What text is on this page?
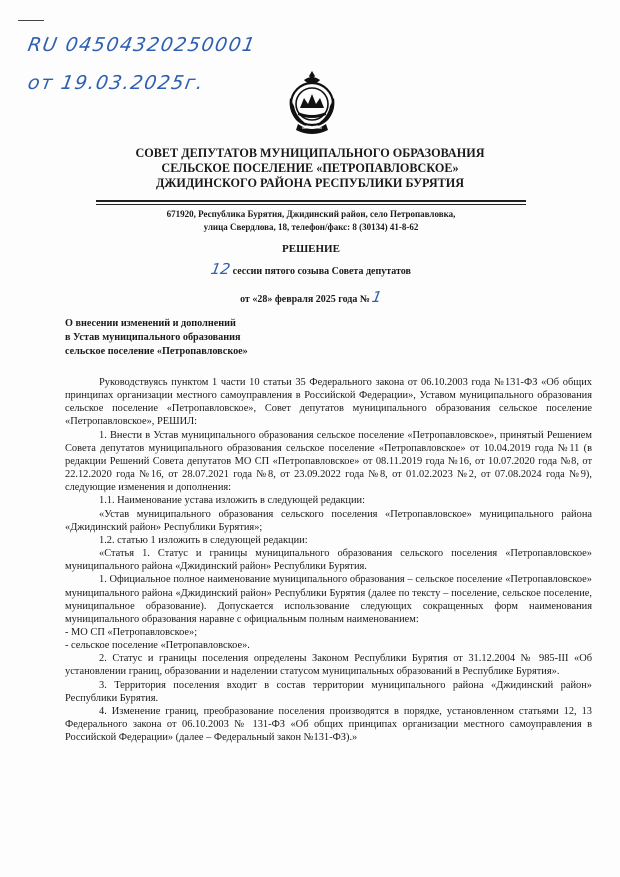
RU 04504320250001
от 19.03.2025г.
СОВЕТ ДЕПУТАТОВ МУНИЦИПАЛЬНОГО ОБРАЗОВАНИЯ
СЕЛЬСКОЕ ПОСЕЛЕНИЕ «ПЕТРОПАВЛОВСКОЕ»
ДЖИДИНСКОГО РАЙОНА РЕСПУБЛИКИ БУРЯТИЯ
671920, Республика Бурятия, Джидинский район, село Петропавловка,
улица Свердлова, 18, телефон/факс: 8 (30134) 41-8-62
РЕШЕНИЕ
12 сессии пятого созыва Совета депутатов
от «28» февраля 2025 года № 1
О внесении изменений и дополнений
в Устав муниципального образования
сельское поселение «Петропавловское»

Руководствуясь пунктом 1 части 10 статьи 35 Федерального закона от 06.10.2003 года №131-ФЗ «Об общих принципах организации местного самоуправления в Российской Федерации», Уставом муниципального образования сельское поселение «Петропавловское», Совет депутатов муниципального образования сельское поселение «Петропавловское», РЕШИЛ:

1. Внести в Устав муниципального образования сельское поселение «Петропавловское», принятый Решением Совета депутатов муниципального образования сельское поселение «Петропавловское» от 10.04.2019 года №11 (в редакции Решений Совета депутатов МО СП «Петропавловское» от 08.11.2019 года №16, от 10.07.2020 года №8, от 22.12.2020 года №16, от 28.07.2021 года №8, от 23.09.2022 года №8, от 01.02.2023 №2, от 07.08.2024 года №9), следующие изменения и дополнения:

1.1. Наименование устава изложить в следующей редакции:

«Устав муниципального образования сельского поселения «Петропавловское» муниципального района «Джидинский район» Республики Бурятия»;

1.2. статью 1 изложить в следующей редакции:

«Статья 1. Статус и границы муниципального образования сельского поселения «Петропавловское» муниципального района «Джидинский район» Республики Бурятия.

1. Официальное полное наименование муниципального образования – сельское поселение «Петропавловское» муниципального района «Джидинский район» Республики Бурятия (далее по тексту – поселение, сельское поселение, муниципальное образование). Допускается использование следующих сокращенных форм наименования муниципального образования наравне с официальным полным наименованием:

- МО СП «Петропавловское»;

- сельское поселение «Петропавловское».

2. Статус и границы поселения определены Законом Республики Бурятия от 31.12.2004 № 985-III «Об установлении границ, образовании и наделении статусом муниципальных образований в Республике Бурятия».

3. Территория поселения входит в состав территории муниципального района «Джидинский район» Республики Бурятия.

4. Изменение границ, преобразование поселения производятся в порядке, установленном статьями 12, 13 Федерального закона от 06.10.2003 № 131-ФЗ «Об общих принципах организации местного самоуправления в Российской Федерации» (далее – Федеральный закон №131-ФЗ).»
